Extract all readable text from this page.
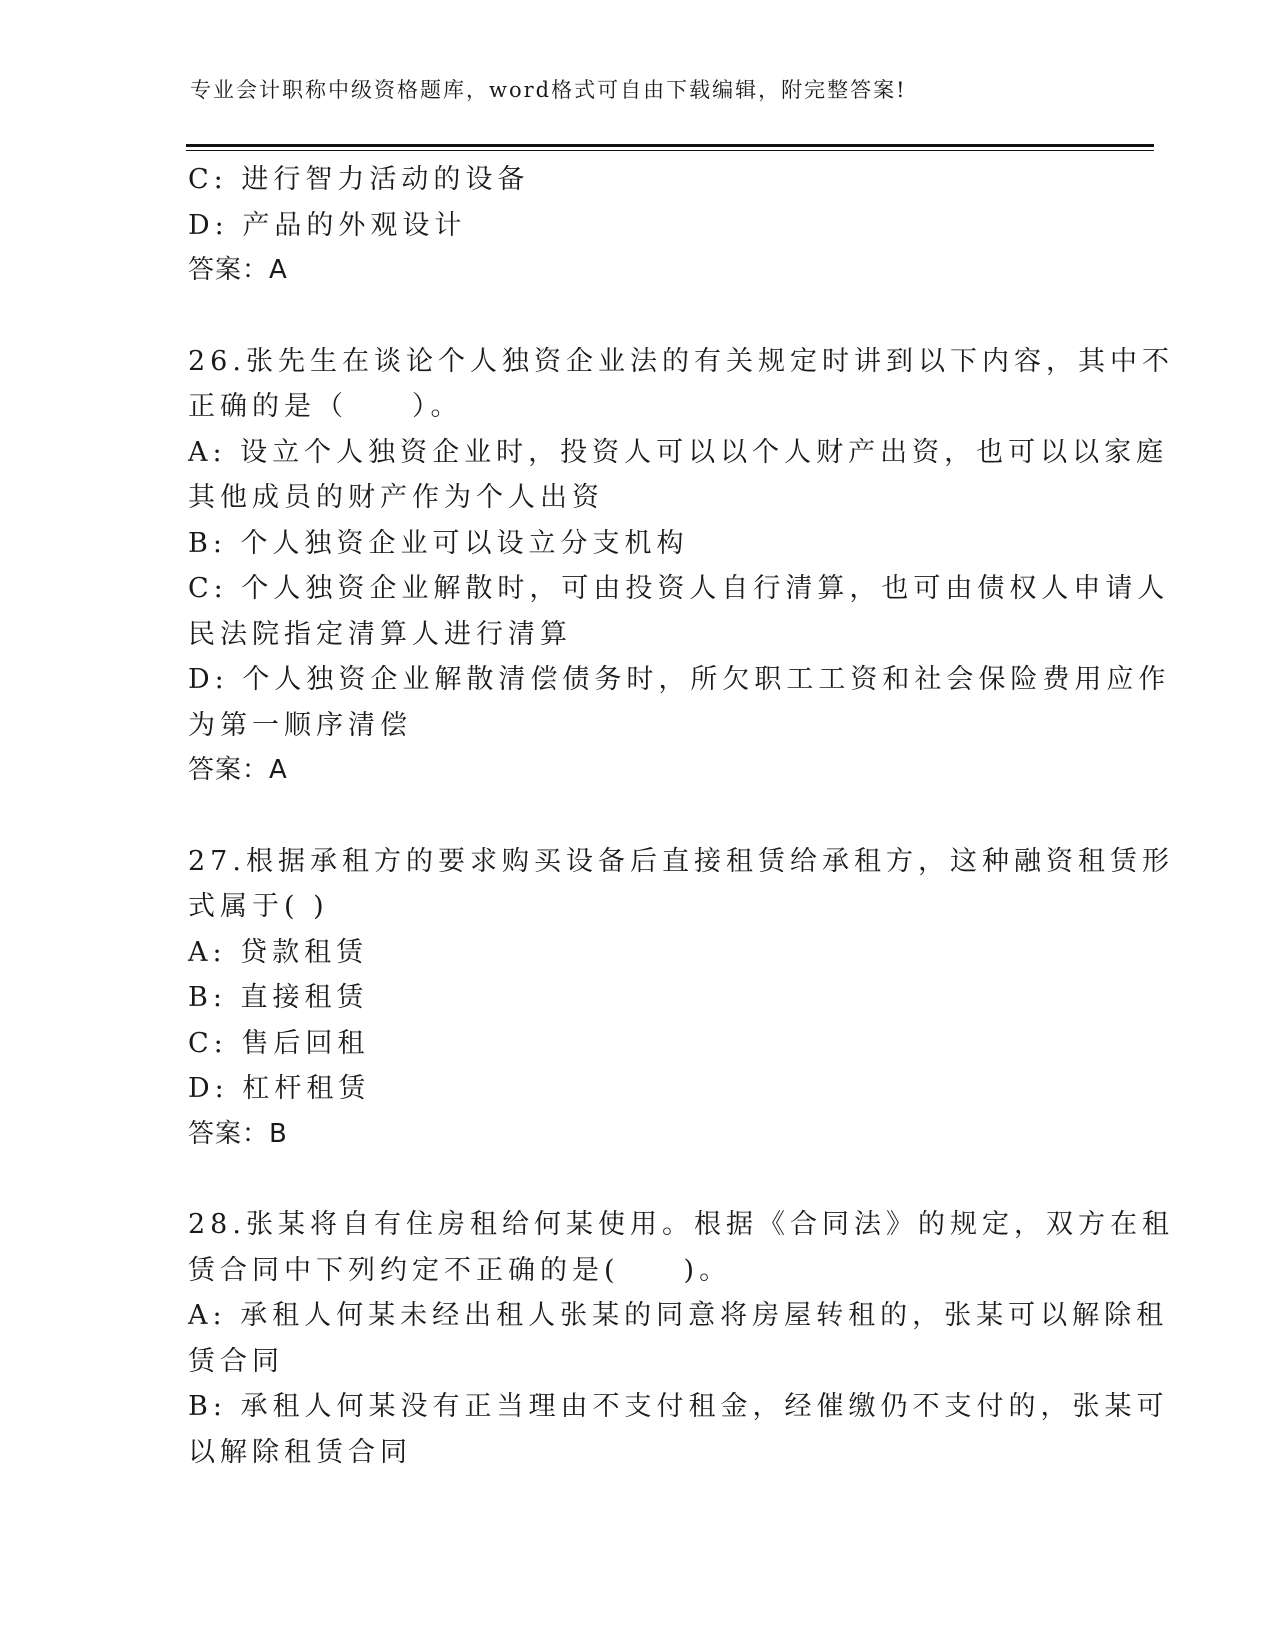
专业会计职称中级资格题库，word格式可自由下载编辑，附完整答案!
C: 进行智力活动的设备
D: 产品的外观设计
答案：A
26.张先生在谈论个人独资企业法的有关规定时讲到以下内容，其中不
正确的是（　　）。
A: 设立个人独资企业时，投资人可以以个人财产出资，也可以以家庭
其他成员的财产作为个人出资
B: 个人独资企业可以设立分支机构
C: 个人独资企业解散时，可由投资人自行清算，也可由债权人申请人
民法院指定清算人进行清算
D: 个人独资企业解散清偿债务时，所欠职工工资和社会保险费用应作
为第一顺序清偿
答案：A
27.根据承租方的要求购买设备后直接租赁给承租方，这种融资租赁形
式属于( )
A: 贷款租赁
B: 直接租赁
C: 售后回租
D: 杠杆租赁
答案：B
28.张某将自有住房租给何某使用。根据《合同法》的规定，双方在租
赁合同中下列约定不正确的是(　　)。
A: 承租人何某未经出租人张某的同意将房屋转租的，张某可以解除租
赁合同
B: 承租人何某没有正当理由不支付租金，经催缴仍不支付的，张某可
以解除租赁合同
